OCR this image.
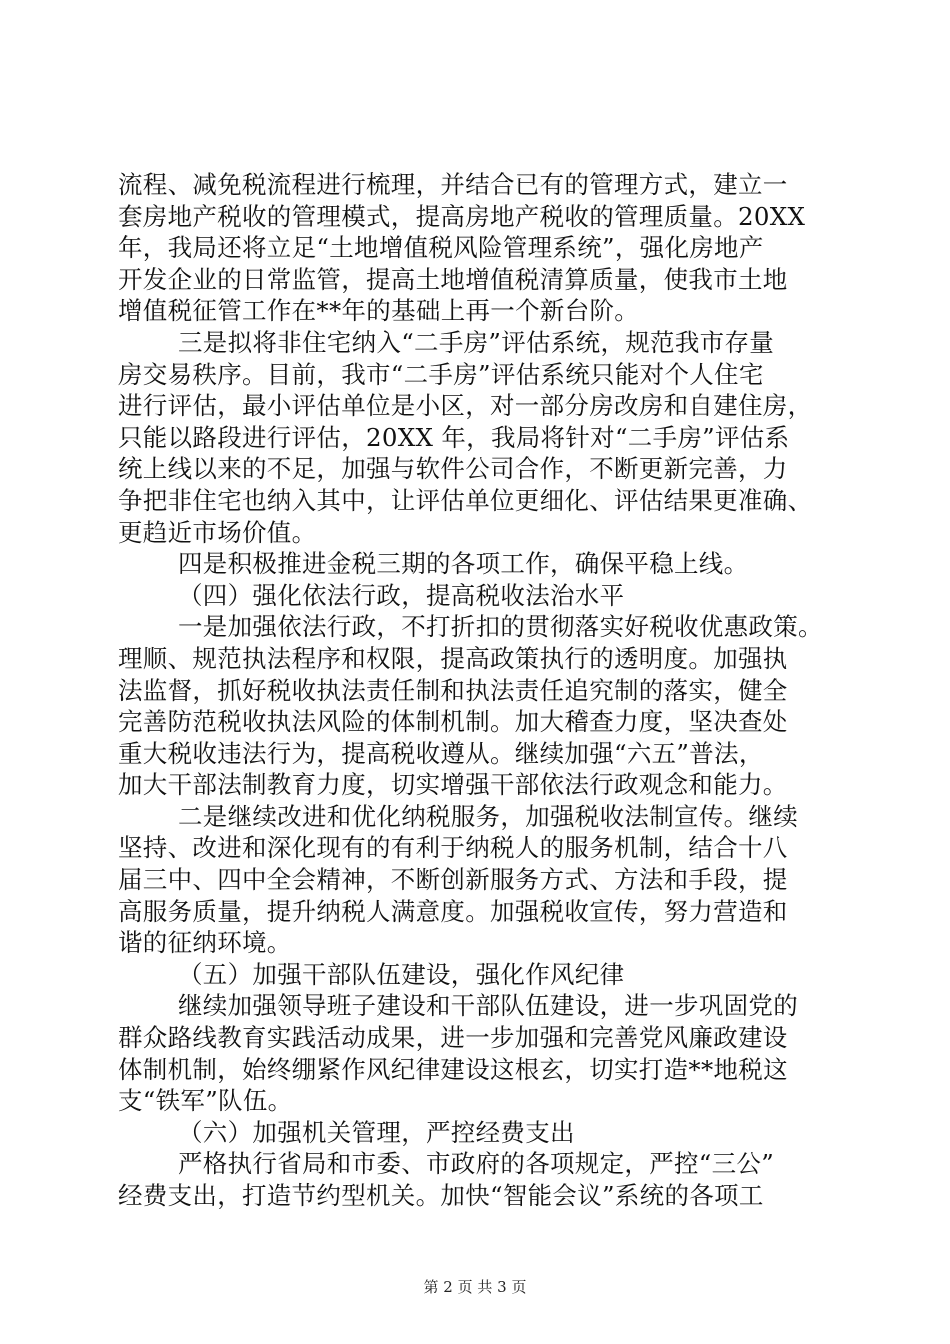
流程、减免税流程进行梳理，并结合已有的管理方式，建立一
套房地产税收的管理模式，提高房地产税收的管理质量。20XX
年，我局还将立足“土地增值税风险管理系统”，强化房地产
开发企业的日常监管，提高土地增值税清算质量，使我市土地
增值税征管工作在**年的基础上再一个新台阶。
三是拟将非住宅纳入“二手房”评估系统，规范我市存量
房交易秩序。目前，我市“二手房”评估系统只能对个人住宅
进行评估，最小评估单位是小区，对一部分房改房和自建住房，
只能以路段进行评估，20XX 年，我局将针对“二手房”评估系
统上线以来的不足，加强与软件公司合作，不断更新完善，力
争把非住宅也纳入其中，让评估单位更细化、评估结果更准确、
更趋近市场价值。
四是积极推进金税三期的各项工作，确保平稳上线。
（四）强化依法行政，提高税收法治水平
一是加强依法行政，不打折扣的贯彻落实好税收优惠政策。
理顺、规范执法程序和权限，提高政策执行的透明度。加强执
法监督，抓好税收执法责任制和执法责任追究制的落实，健全
完善防范税收执法风险的体制机制。加大稽查力度，坚决查处
重大税收违法行为，提高税收遵从。继续加强“六五”普法，
加大干部法制教育力度，切实增强干部依法行政观念和能力。
二是继续改进和优化纳税服务，加强税收法制宣传。继续
坚持、改进和深化现有的有利于纳税人的服务机制，结合十八
届三中、四中全会精神，不断创新服务方式、方法和手段，提
高服务质量，提升纳税人满意度。加强税收宣传，努力营造和
谐的征纳环境。
（五）加强干部队伍建设，强化作风纪律
继续加强领导班子建设和干部队伍建设，进一步巩固党的
群众路线教育实践活动成果，进一步加强和完善党风廉政建设
体制机制，始终绷紧作风纪律建设这根玄，切实打造**地税这
支“铁军”队伍。
（六）加强机关管理，严控经费支出
严格执行省局和市委、市政府的各项规定，严控“三公”
经费支出，打造节约型机关。加快“智能会议”系统的各项工
第 2 页 共 3 页
